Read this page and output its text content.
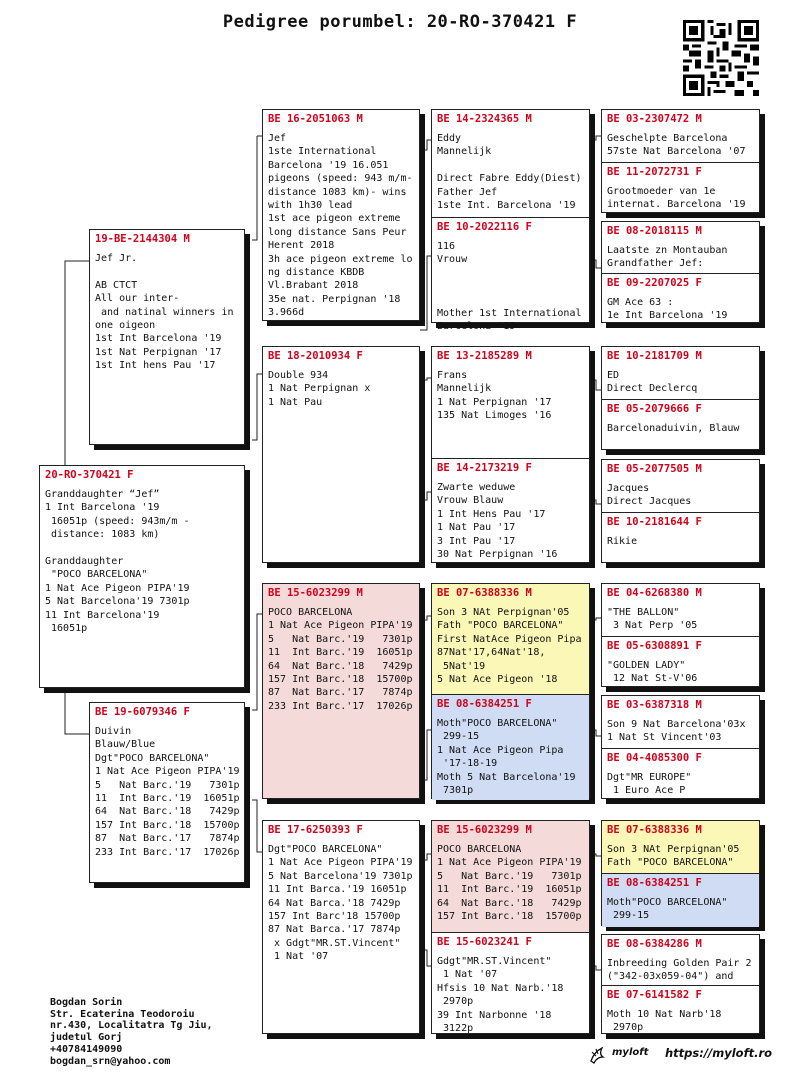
Pedigree porumbel: 20-RO-370421 F
20-RO-370421 F
Granddaughter “Jef”
1 Int Barcelona '19
16051p (speed: 943m/m -
distance: 1083 km)

Granddaughter
"POCO BARCELONA"
1 Nat Ace Pigeon PIPA'19
5 Nat Barcelona'19 7301p
11 Int Barcelona'19
16051p
19-BE-2144304 M
Jef Jr.

AB CTCT
All our inter-
and natinal winners in
one oigeon
1st Int Barcelona '19
1st Nat Perpignan '17
1st Int hens Pau '17
BE 19-6079346 F
Duivin
Blauw/Blue
Dgt"POCO BARCELONA"
1 Nat Ace Pigeon PIPA'19
5   Nat Barc.'19   7301p
11  Int Barc.'19  16051p
64  Nat Barc.'18   7429p
157 Int Barc.'18  15700p
87  Nat Barc.'17   7874p
233 Int Barc.'17  17026p
BE 16-2051063 M
Jef
1ste International
Barcelona '19 16.051
pigeons (speed: 943 m/m-
distance 1083 km)- wins
with 1h30 lead
1st ace pigeon extreme
long distance Sans Peur
Herent 2018
3h ace pigeon extreme lo
ng distance KBDB
Vl.Brabant 2018
35e nat. Perpignan '18
3.966d
BE 18-2010934 F
Double 934
1 Nat Perpignan x
1 Nat Pau
BE 15-6023299 M
POCO BARCELONA
1 Nat Ace Pigeon PIPA'19
5   Nat Barc.'19   7301p
11  Int Barc.'19  16051p
64  Nat Barc.'18   7429p
157 Int Barc.'18  15700p
87  Nat Barc.'17   7874p
233 Int Barc.'17  17026p
BE 17-6250393 F
Dgt"POCO BARCELONA"
1 Nat Ace Pigeon PIPA'19
5 Nat Barcelona'19 7301p
11 Int Barca.'19 16051p
64 Nat Barca.'18 7429p
157 Int Barc'18 15700p
87 Nat Barca.'17 7874p
x Gdgt"MR.ST.Vincent"
1 Nat '07
BE 14-2324365 M
Eddy
Mannelijk

Direct Fabre Eddy(Diest)
Father Jef
1ste Int. Barcelona '19
BE 10-2022116 F
116
Vrouw

Mother 1st International
Barcelona '19
BE 13-2185289 M
Frans
Mannelijk
1 Nat Perpignan '17
135 Nat Limoges '16
BE 14-2173219 F
Zwarte weduwe
Vrouw Blauw
1 Int Hens Pau '17
1 Nat Pau '17
3 Int Pau '17
30 Nat Perpignan '16
BE 07-6388336 M
Son 3 NAt Perpignan'05
Fath "POCO BARCELONA"
First NatAce Pigeon Pipa
87Nat'17,64Nat'18,
5Nat'19
5 Nat Ace Pigeon '18
BE 08-6384251 F
Moth"POCO BARCELONA"
299-15
1 Nat Ace Pigeon Pipa
'17-18-19
Moth 5 Nat Barcelona'19
7301p
BE 15-6023299 M
POCO BARCELONA
1 Nat Ace Pigeon PIPA'19
5   Nat Barc.'19   7301p
11  Int Barc.'19  16051p
64  Nat Barc.'18   7429p
157 Int Barc.'18  15700p
BE 15-6023241 F
Gdgt"MR.ST.Vincent"
1 Nat '07
Hfsis 10 Nat Narb.'18
2970p
39 Int Narbonne '18
3122p
BE 03-2307472 M
Geschelpte Barcelona
57ste Nat Barcelona '07
BE 11-2072731 F
Grootmoeder van 1e
internat. Barcelona '19
BE 08-2018115 M
Laatste zn Montauban
Grandfather Jef:
BE 09-2207025 F
GM Ace 63 :
1e Int Barcelona '19
BE 10-2181709 M
ED
Direct Declercq
BE 05-2079666 F
Barcelonaduivin, Blauw
BE 05-2077505 M
Jacques
Direct Jacques
BE 10-2181644 F
Rikie
BE 04-6268380 M
"THE BALLON"
3 Nat Perp '05
BE 05-6308891 F
"GOLDEN LADY"
12 Nat St-V'06
BE 03-6387318 M
Son 9 Nat Barcelona'03x
1 Nat St Vincent'03
BE 04-4085300 F
Dgt"MR EUROPE"
1 Euro Ace P
BE 07-6388336 M
Son 3 NAt Perpignan'05
Fath "POCO BARCELONA"
BE 08-6384251 F
Moth"POCO BARCELONA"
299-15
BE 08-6384286 M
Inbreeding Golden Pair 2
("342-03x059-04") and
BE 07-6141582 F
Moth 10 Nat Narb'18
2970p
Bogdan Sorin
Str. Ecaterina Teodoroiu
nr.430, Localitatra Tg Jiu,
judetul Gorj
+40784149090
bogdan_srn@yahoo.com
myloft https://myloft.ro
